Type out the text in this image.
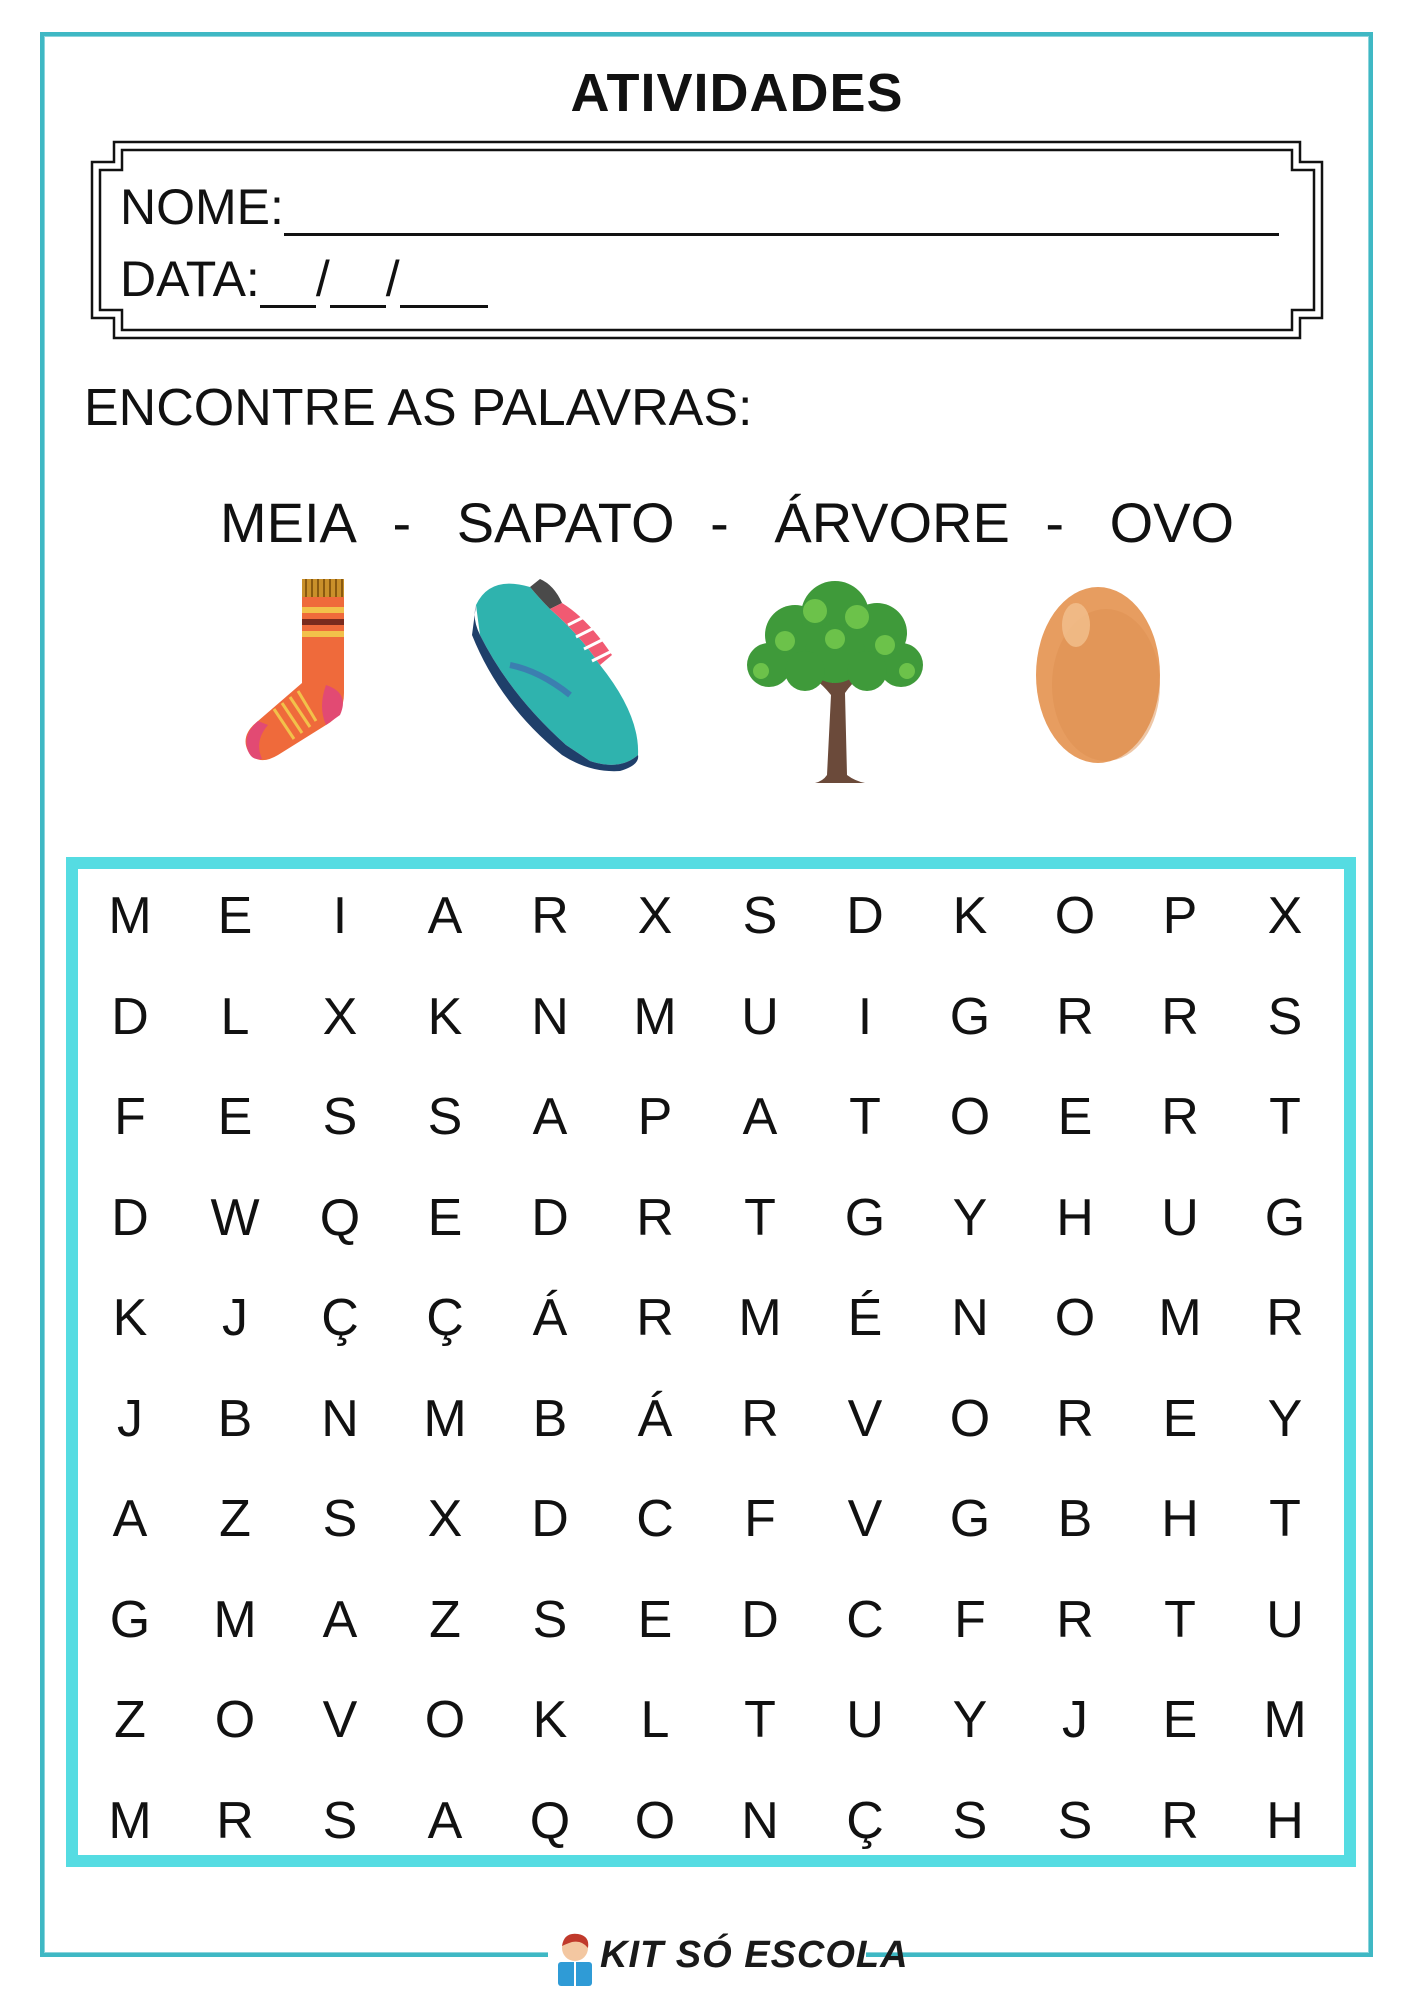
ATIVIDADES
NOME:
DATA: / /
ENCONTRE AS PALAVRAS:
MEIA - SAPATO - ÁRVORE - OVO
M	E	I	A	R	X	S	D	K	O	P	X
D	L	X	K	N	M	U	I	G	R	R	S
F	E	S	S	A	P	A	T	O	E	R	T
D	W	Q	E	D	R	T	G	Y	H	U	G
K	J	Ç	Ç	Á	R	M	É	N	O	M	R
J	B	N	M	B	Á	R	V	O	R	E	Y
A	Z	S	X	D	C	F	V	G	B	H	T
G	M	A	Z	S	E	D	C	F	R	T	U
Z	O	V	O	K	L	T	U	Y	J	E	M
M	R	S	A	Q	O	N	Ç	S	S	R	H
KIT SÓ ESCOLA
